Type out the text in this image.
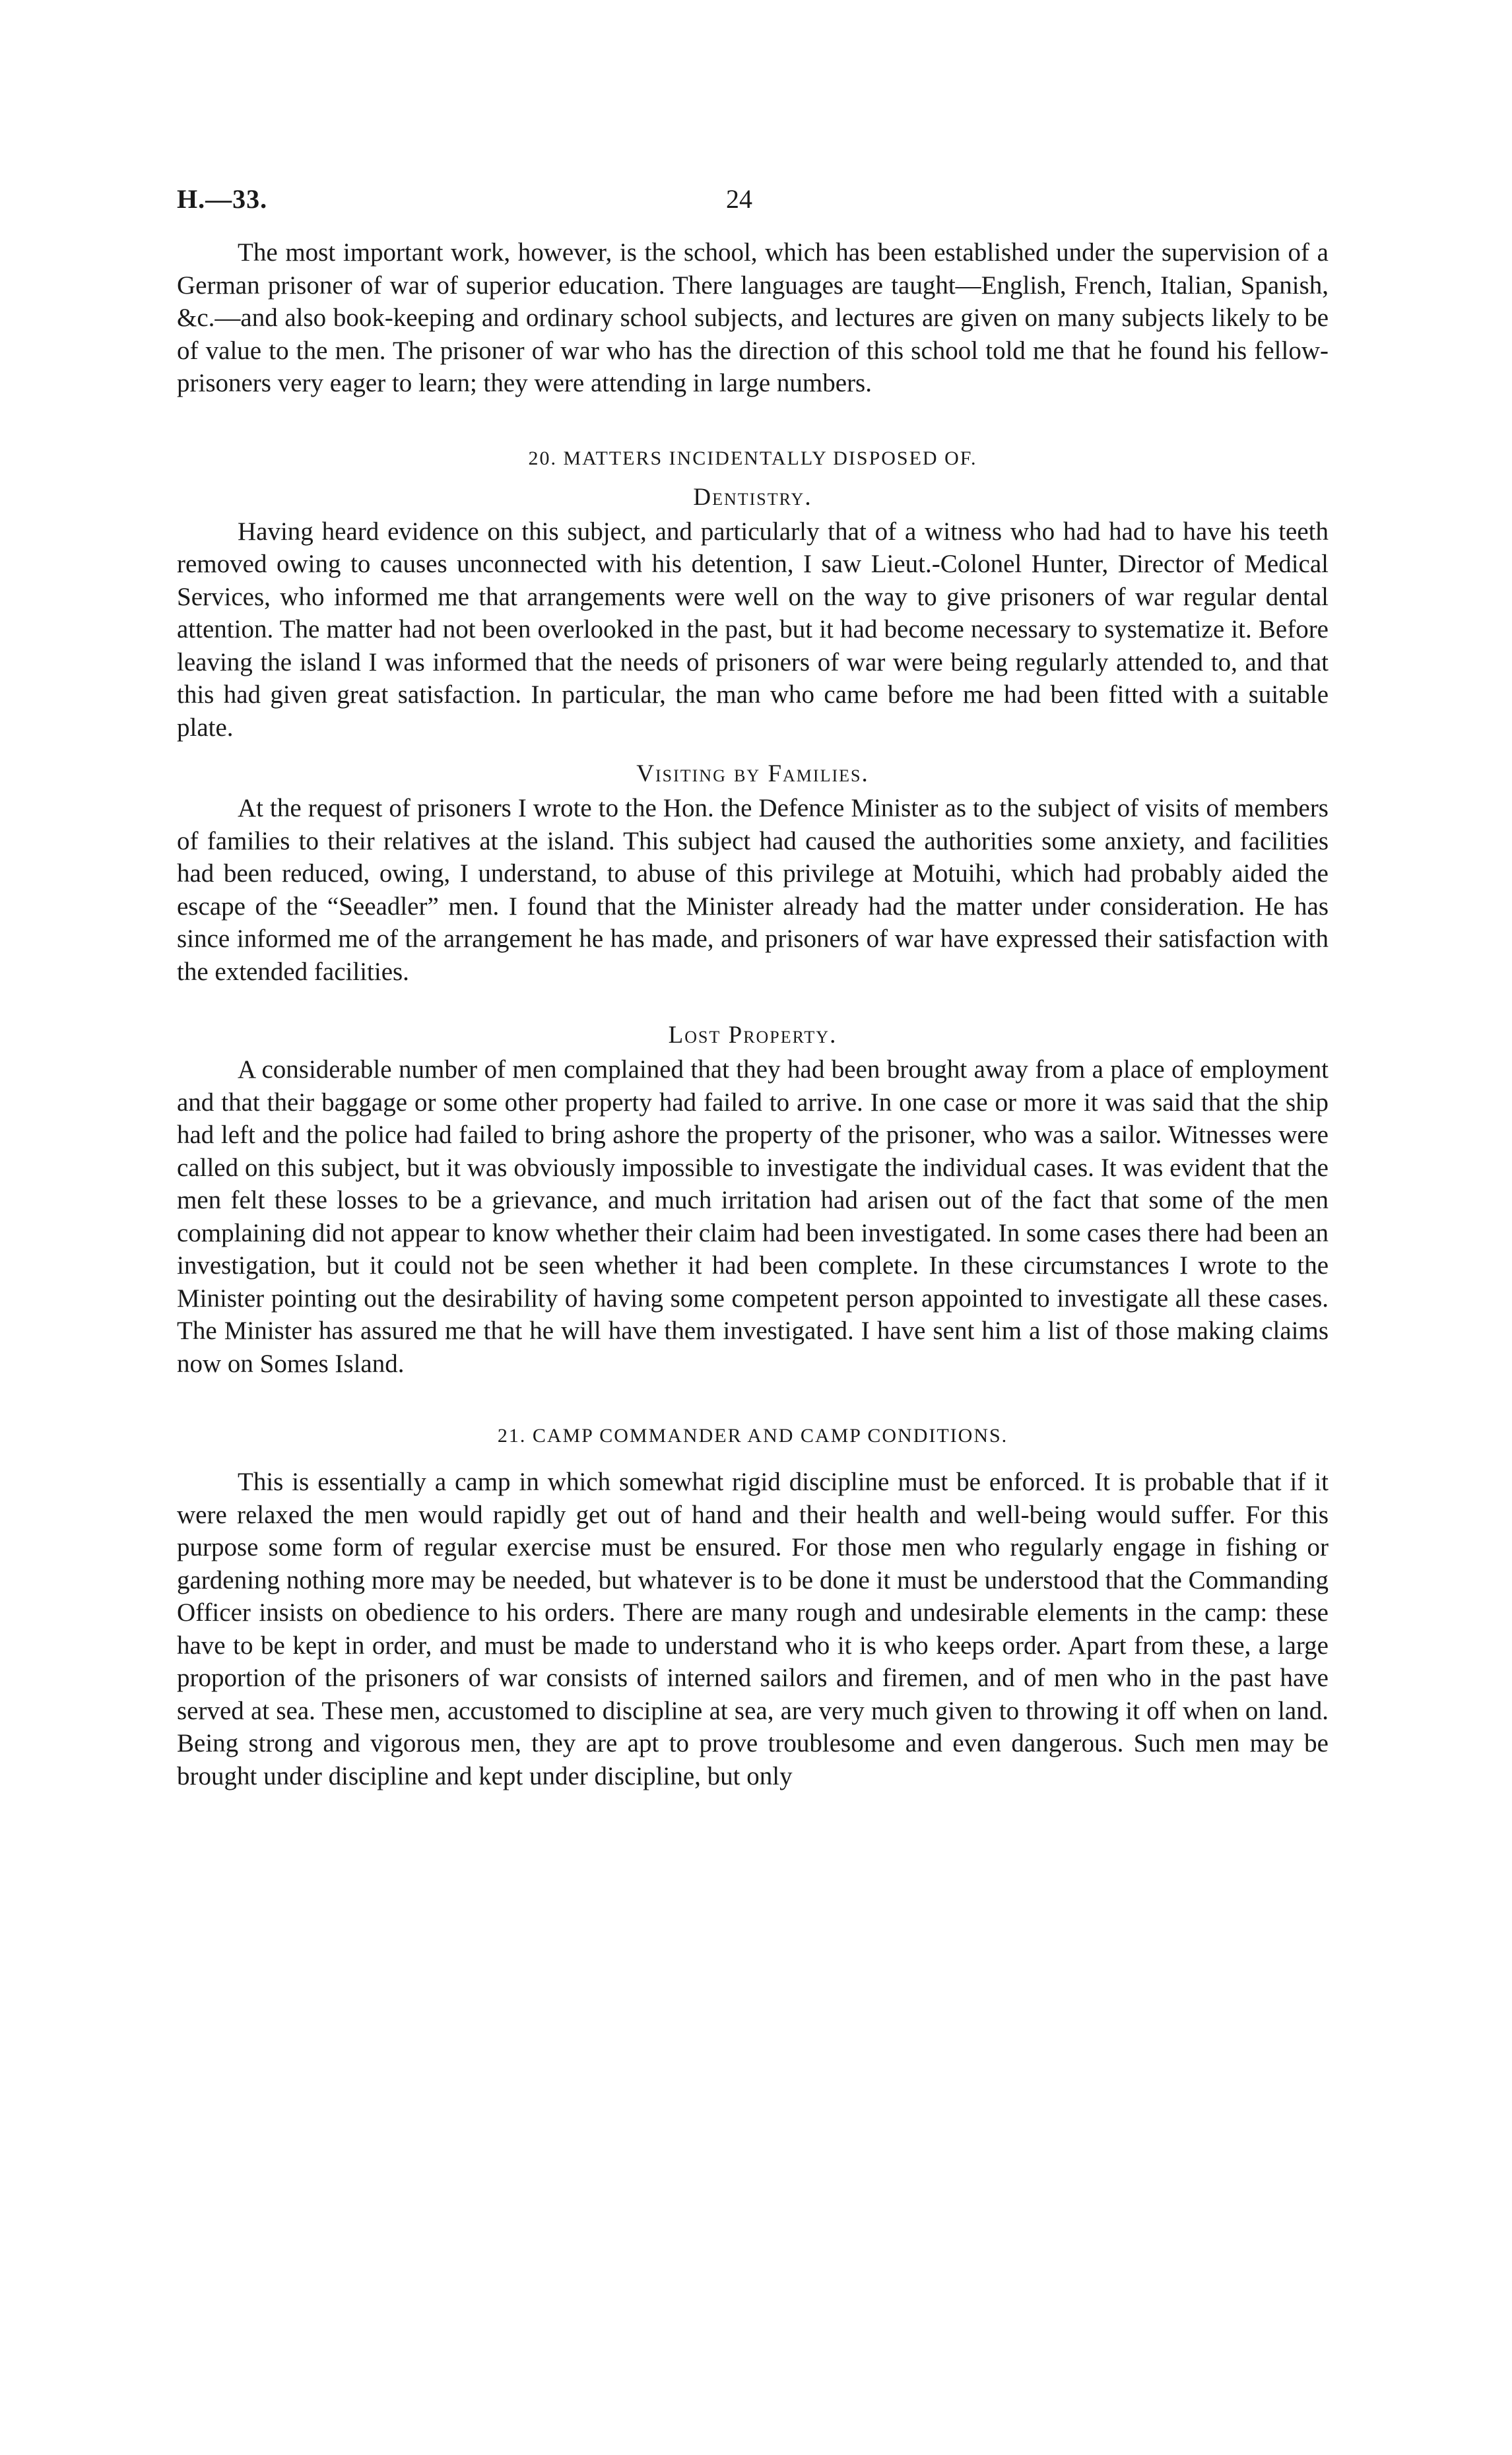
H.—33.	24

The most important work, however, is the school, which has been established under the supervision of a German prisoner of war of superior education. There languages are taught—English, French, Italian, Spanish, &c.—and also book-keeping and ordinary school subjects, and lectures are given on many subjects likely to be of value to the men. The prisoner of war who has the direction of this school told me that he found his fellow-prisoners very eager to learn; they were attending in large numbers.

20. MATTERS INCIDENTALLY DISPOSED OF.
Dentistry.

Having heard evidence on this subject, and particularly that of a witness who had had to have his teeth removed owing to causes unconnected with his detention, I saw Lieut.-Colonel Hunter, Director of Medical Services, who informed me that arrangements were well on the way to give prisoners of war regular dental attention. The matter had not been overlooked in the past, but it had become necessary to systematize it. Before leaving the island I was informed that the needs of prisoners of war were being regularly attended to, and that this had given great satisfaction. In particular, the man who came before me had been fitted with a suitable plate.

Visiting by Families.

At the request of prisoners I wrote to the Hon. the Defence Minister as to the subject of visits of members of families to their relatives at the island. This subject had caused the authorities some anxiety, and facilities had been reduced, owing, I understand, to abuse of this privilege at Motuihi, which had probably aided the escape of the “Seeadler” men. I found that the Minister already had the matter under consideration. He has since informed me of the arrangement he has made, and prisoners of war have expressed their satisfaction with the extended facilities.

Lost Property.

A considerable number of men complained that they had been brought away from a place of employment and that their baggage or some other property had failed to arrive. In one case or more it was said that the ship had left and the police had failed to bring ashore the property of the prisoner, who was a sailor. Witnesses were called on this subject, but it was obviously impossible to investigate the individual cases. It was evident that the men felt these losses to be a grievance, and much irritation had arisen out of the fact that some of the men complaining did not appear to know whether their claim had been investigated. In some cases there had been an investigation, but it could not be seen whether it had been complete. In these circumstances I wrote to the Minister pointing out the desirability of having some competent person appointed to investigate all these cases. The Minister has assured me that he will have them investigated. I have sent him a list of those making claims now on Somes Island.

21. CAMP COMMANDER AND CAMP CONDITIONS.

This is essentially a camp in which somewhat rigid discipline must be enforced. It is probable that if it were relaxed the men would rapidly get out of hand and their health and well-being would suffer. For this purpose some form of regular exercise must be ensured. For those men who regularly engage in fishing or gardening nothing more may be needed, but whatever is to be done it must be understood that the Commanding Officer insists on obedience to his orders. There are many rough and undesirable elements in the camp: these have to be kept in order, and must be made to understand who it is who keeps order. Apart from these, a large proportion of the prisoners of war consists of interned sailors and firemen, and of men who in the past have served at sea. These men, accustomed to discipline at sea, are very much given to throwing it off when on land. Being strong and vigorous men, they are apt to prove troublesome and even dangerous. Such men may be brought under discipline and kept under discipline, but only
